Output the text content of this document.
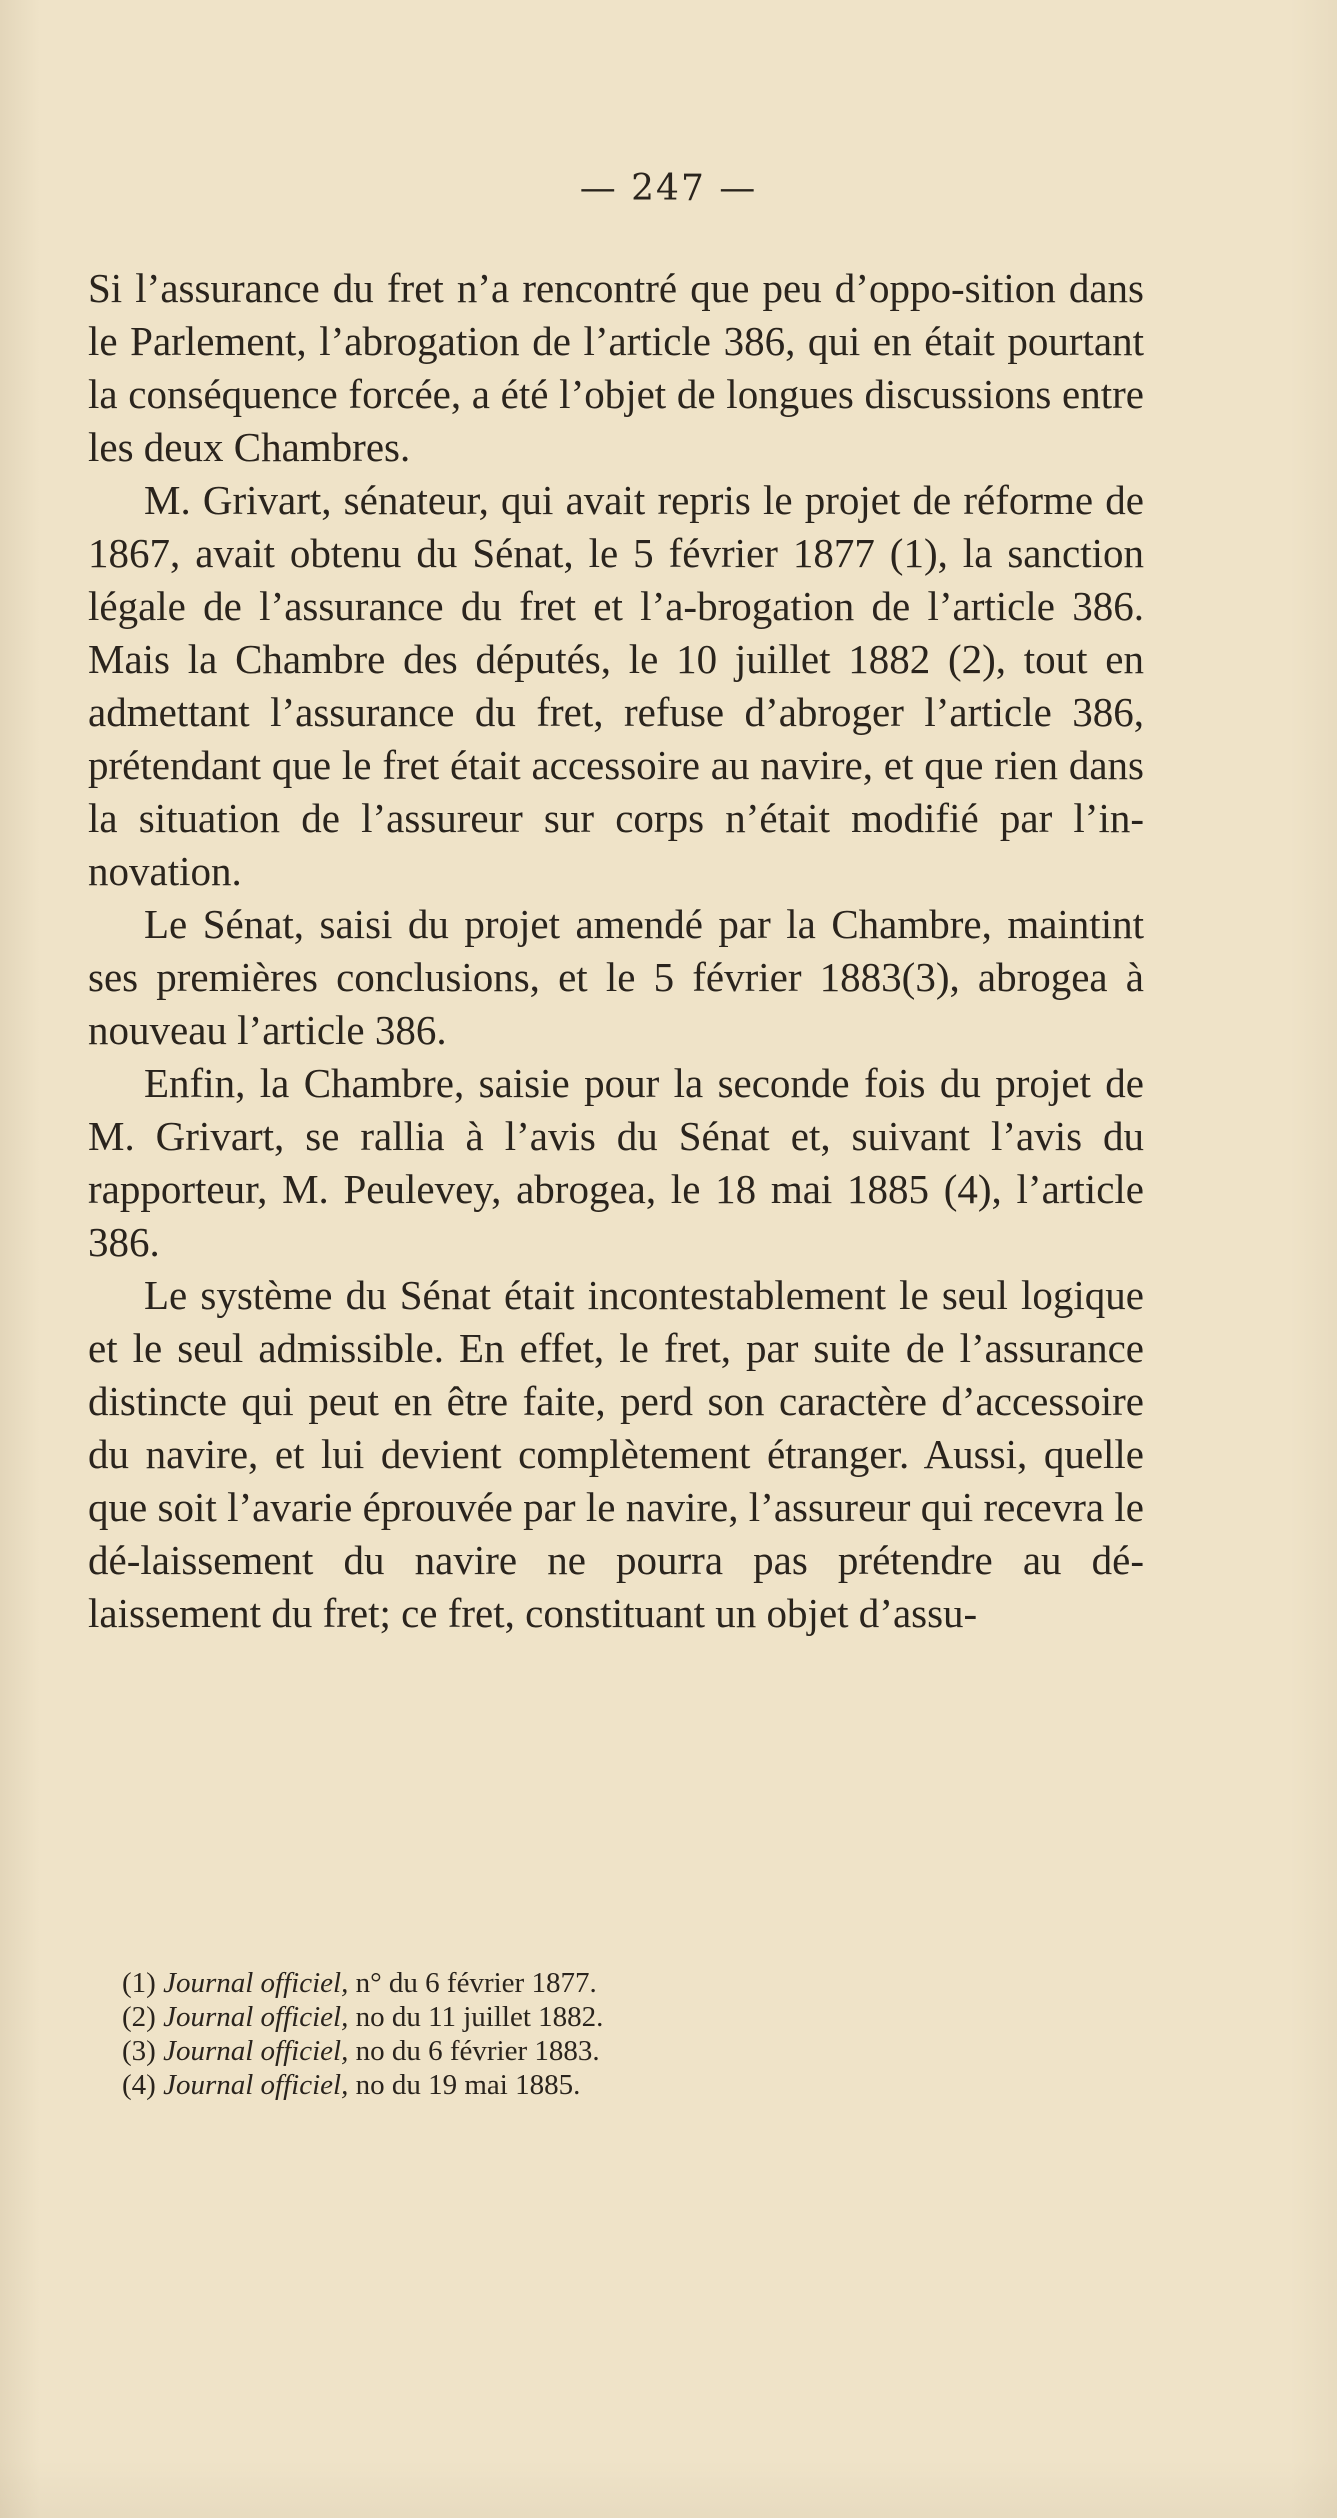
— 247 —

Si l’assurance du fret n’a rencontré que peu d’oppo-sition dans le Parlement, l’abrogation de l’article 386, qui en était pourtant la conséquence forcée, a été l’objet de longues discussions entre les deux Chambres.

M. Grivart, sénateur, qui avait repris le projet de réforme de 1867, avait obtenu du Sénat, le 5 février 1877 (1), la sanction légale de l’assurance du fret et l’a-brogation de l’article 386. Mais la Chambre des députés, le 10 juillet 1882 (2), tout en admettant l’assurance du fret, refuse d’abroger l’article 386, prétendant que le fret était accessoire au navire, et que rien dans la situation de l’assureur sur corps n’était modifié par l’in-novation.

Le Sénat, saisi du projet amendé par la Chambre, maintint ses premières conclusions, et le 5 février 1883(3), abrogea à nouveau l’article 386.

Enfin, la Chambre, saisie pour la seconde fois du projet de M. Grivart, se rallia à l’avis du Sénat et, suivant l’avis du rapporteur, M. Peulevey, abrogea, le 18 mai 1885 (4), l’article 386.

Le système du Sénat était incontestablement le seul logique et le seul admissible. En effet, le fret, par suite de l’assurance distincte qui peut en être faite, perd son caractère d’accessoire du navire, et lui devient complètement étranger. Aussi, quelle que soit l’avarie éprouvée par le navire, l’assureur qui recevra le dé-laissement du navire ne pourra pas prétendre au dé-laissement du fret; ce fret, constituant un objet d’assu-

(1) Journal officiel, n° du 6 février 1877.
(2) Journal officiel, no du 11 juillet 1882.
(3) Journal officiel, no du 6 février 1883.
(4) Journal officiel, no du 19 mai 1885.
